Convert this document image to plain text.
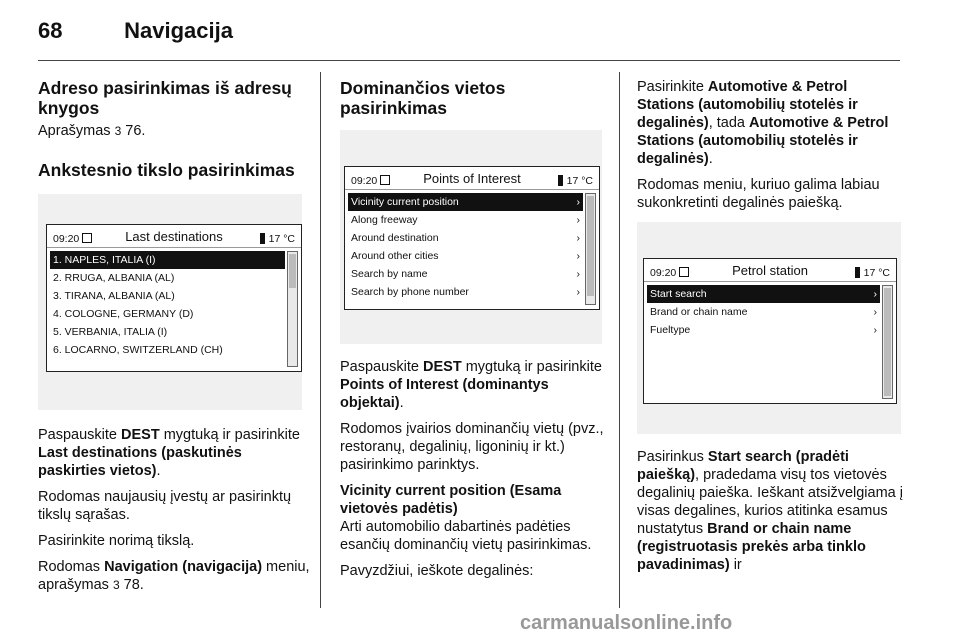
68	Navigacija
Adreso pasirinkimas iš adresų knygos

Aprašymas 3 76.

Ankstesnio tikslo pasirinkimas
09:20	Last destinations	17 °C
1. NAPLES, ITALIA (I)
2. RRUGA, ALBANIA (AL)
3. TIRANA, ALBANIA (AL)
4. COLOGNE, GERMANY (D)
5. VERBANIA, ITALIA (I)
6. LOCARNO, SWITZERLAND (CH)

Paspauskite DEST mygtuką ir pasirinkite Last destinations (paskutinės paskirties vietos).

Rodomas naujausių įvestų ar pasirinktų tikslų sąrašas.

Pasirinkite norimą tikslą.

Rodomas Navigation (navigacija) meniu, aprašymas 3 78.

Dominančios vietos pasirinkimas
09:20	Points of Interest	17 °C
Vicinity current position	›
Along freeway	›
Around destination	›
Around other cities	›
Search by name	›
Search by phone number	›

Paspauskite DEST mygtuką ir pasirinkite Points of Interest (dominantys objektai).

Rodomos įvairios dominančių vietų (pvz., restoranų, degalinių, ligoninių ir kt.) pasirinkimo parinktys.

Vicinity current position (Esama vietovės padėtis)
Arti automobilio dabartinės padėties esančių dominančių vietų pasirinkimas.

Pavyzdžiui, ieškote degalinės:

Pasirinkite Automotive & Petrol Stations (automobilių stotelės ir degalinės), tada Automotive & Petrol Stations (automobilių stotelės ir degalinės).

Rodomas meniu, kuriuo galima labiau sukonkretinti degalinės paiešką.

09:20	Petrol station	17 °C
Start search	›
Brand or chain name	›
Fueltype	›

Pasirinkus Start search (pradėti paiešką), pradedama visų tos vietovės degalinių paieška. Ieškant atsižvelgiama į visas degalines, kurios atitinka esamus nustatytus Brand or chain name (registruotasis prekės arba tinklo pavadinimas) ir

carmanualsonline.info
